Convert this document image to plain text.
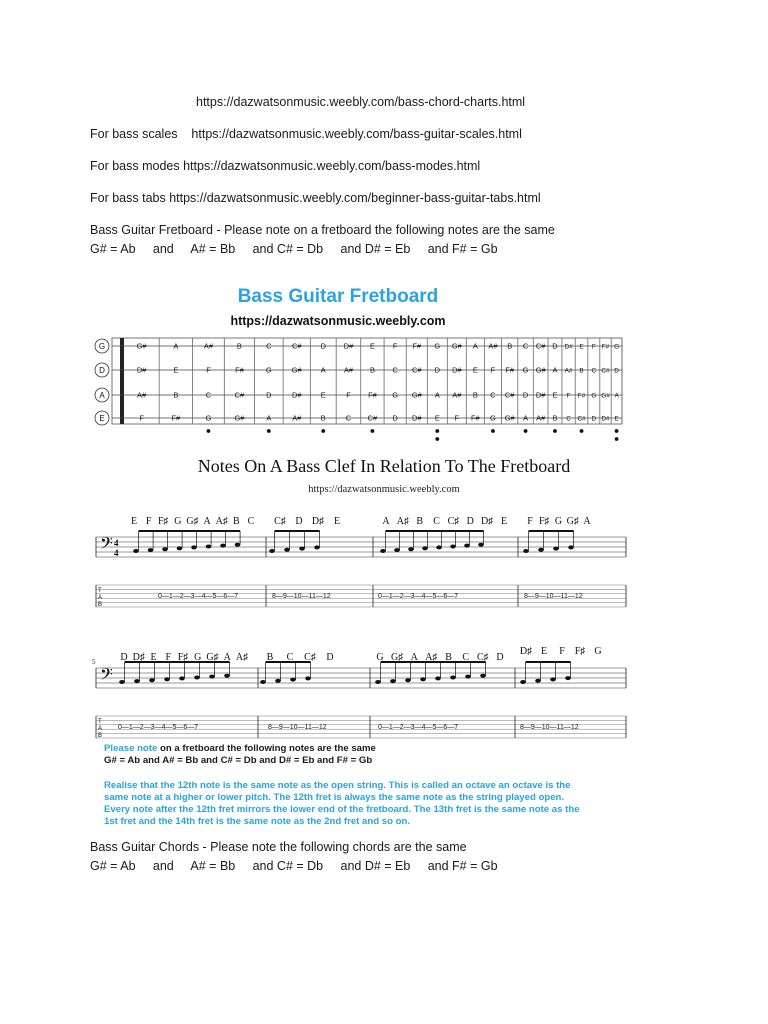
https://dazwatsonmusic.weebly.com/bass-chord-charts.html
For bass scales    https://dazwatsonmusic.weebly.com/bass-guitar-scales.html
For bass modes https://dazwatsonmusic.weebly.com/bass-modes.html
For bass tabs https://dazwatsonmusic.weebly.com/beginner-bass-guitar-tabs.html
Bass Guitar Fretboard - Please note on a fretboard the following notes are the same
G# = Ab     and     A# = Bb     and C# = Db     and D# = Eb     and F# = Gb
Bass Guitar Fretboard
https://dazwatsonmusic.weebly.com
G
D
A
E
G#	A	A#	B	C	C#	D D# E F F# G G# A A# B C C# D D# E F F# G
D#	E	F	F#	G	G#	A A# B C C# D D# E F F# G G# A A# B C C# D
A#	B	C	C#	D	D#	E	F F# G G# A A# B C C# D D# E F F# G G# A
F	F#	G	G#	A	A#	B	C C# D D# E F F# G G# A A# B C C# D D# E
Notes On A Bass Clef In Relation To The Fretboard
https://dazwatsonmusic.weebly.com
𝄢
T
A
B
4
4
E F F♯ G G♯ A A♯ B C C♯ D D♯ E	A A♯ B C C♯ D D♯ E F F♯ G G♯ A
0—1—2—3—4—5—6—7	8—9—10—11—12	0—1—2—3—4—5—6—7	8—9—10—11—12
5
𝄢
T
A
B
D D♯ E F F♯ G G♯ A A♯ B C C♯ D	G G♯ A A♯ B C C♯ D
D♯ E F F♯ G
0—1—2—3—4—5—6—7	8—9—10—11—12	0—1—2—3—4—5—6—7	8—9—10—11—12
Please note on a fretboard the following notes are the same
G# = Ab and A# = Bb and C# = Db and D# = Eb and F# = Gb
Realise that the 12th note is the same note as the open string. This is called an octave an octave is the
same note at a higher or lower pitch. The 12th fret is always the same note as the string played open.
Every note after the 12th fret mirrors the lower end of the fretboard. The 13th fret is the same note as the
1st fret and the 14th fret is the same note as the 2nd fret and so on.
Bass Guitar Chords - Please note the following chords are the same
G# = Ab     and     A# = Bb     and C# = Db     and D# = Eb     and F# = Gb
